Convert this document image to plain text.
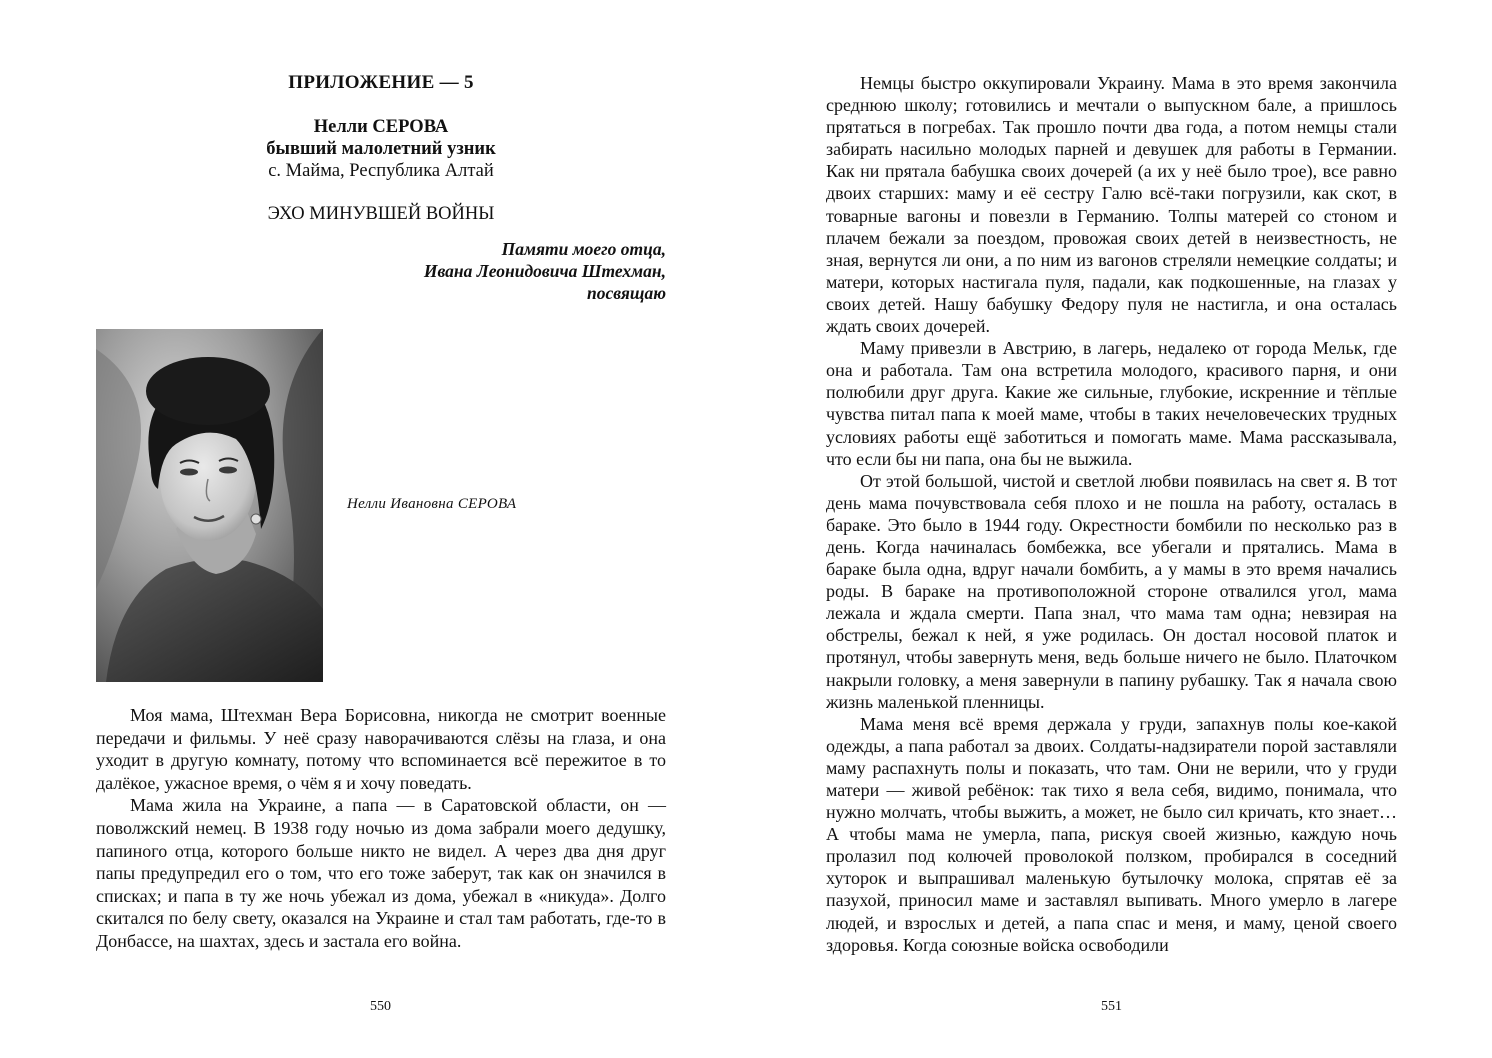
ПРИЛОЖЕНИЕ — 5
Нелли СЕРОВА
бывший малолетний узник
с. Майма, Республика Алтай
ЭХО МИНУВШЕЙ ВОЙНЫ
Памяти моего отца,
Ивана Леонидовича Штехман,
посвящаю
Нелли Ивановна СЕРОВА

Моя мама, Штехман Вера Борисовна, никогда не смотрит военные передачи и фильмы. У неё сразу наворачиваются слёзы на глаза, и она уходит в другую комнату, потому что вспоминается всё пережитое в то далёкое, ужасное время, о чём я и хочу поведать.

Мама жила на Украине, а папа — в Саратовской области, он — поволжский немец. В 1938 году ночью из дома забрали моего дедушку, папиного отца, которого больше никто не видел. А через два дня друг папы предупредил его о том, что его тоже заберут, так как он значился в списках; и папа в ту же ночь убежал из дома, убежал в «никуда». Долго скитался по белу свету, оказался на Украине и стал там работать, где-то в Донбассе, на шахтах, здесь и застала его война.

550

Немцы быстро оккупировали Украину. Мама в это время закончила среднюю школу; готовились и мечтали о выпускном бале, а пришлось прятаться в погребах. Так прошло почти два года, а потом немцы стали забирать насильно молодых парней и девушек для работы в Германии. Как ни прятала бабушка своих дочерей (а их у неё было трое), все равно двоих старших: маму и её сестру Галю всё-таки погрузили, как скот, в товарные вагоны и повезли в Германию. Толпы матерей со стоном и плачем бежали за поездом, провожая своих детей в неизвестность, не зная, вернутся ли они, а по ним из вагонов стреляли немецкие солдаты; и матери, которых настигала пуля, падали, как подкошенные, на глазах у своих детей. Нашу бабушку Федору пуля не настигла, и она осталась ждать своих дочерей.

Маму привезли в Австрию, в лагерь, недалеко от города Мельк, где она и работала. Там она встретила молодого, красивого парня, и они полюбили друг друга. Какие же сильные, глубокие, искренние и тёплые чувства питал папа к моей маме, чтобы в таких нечеловеческих трудных условиях работы ещё заботиться и помогать маме. Мама рассказывала, что если бы ни папа, она бы не выжила.

От этой большой, чистой и светлой любви появилась на свет я. В тот день мама почувствовала себя плохо и не пошла на работу, осталась в бараке. Это было в 1944 году. Окрестности бомбили по несколько раз в день. Когда начиналась бомбежка, все убегали и прятались. Мама в бараке была одна, вдруг начали бомбить, а у мамы в это время начались роды. В бараке на противоположной стороне отвалился угол, мама лежала и ждала смерти. Папа знал, что мама там одна; невзирая на обстрелы, бежал к ней, я уже родилась. Он достал носовой платок и протянул, чтобы завернуть меня, ведь больше ничего не было. Платочком накрыли головку, а меня завернули в папину рубашку. Так я начала свою жизнь маленькой пленницы.

Мама меня всё время держала у груди, запахнув полы кое-какой одежды, а папа работал за двоих. Солдаты-надзиратели порой заставляли маму распахнуть полы и показать, что там. Они не верили, что у груди матери — живой ребёнок: так тихо я вела себя, видимо, понимала, что нужно молчать, чтобы выжить, а может, не было сил кричать, кто знает… А чтобы мама не умерла, папа, рискуя своей жизнью, каждую ночь пролазил под колючей проволокой ползком, пробирался в соседний хуторок и выпрашивал маленькую бутылочку молока, спрятав её за пазухой, приносил маме и заставлял выпивать. Много умерло в лагере людей, и взрослых и детей, а папа спас и меня, и маму, ценой своего здоровья. Когда союзные войска освободили

551
